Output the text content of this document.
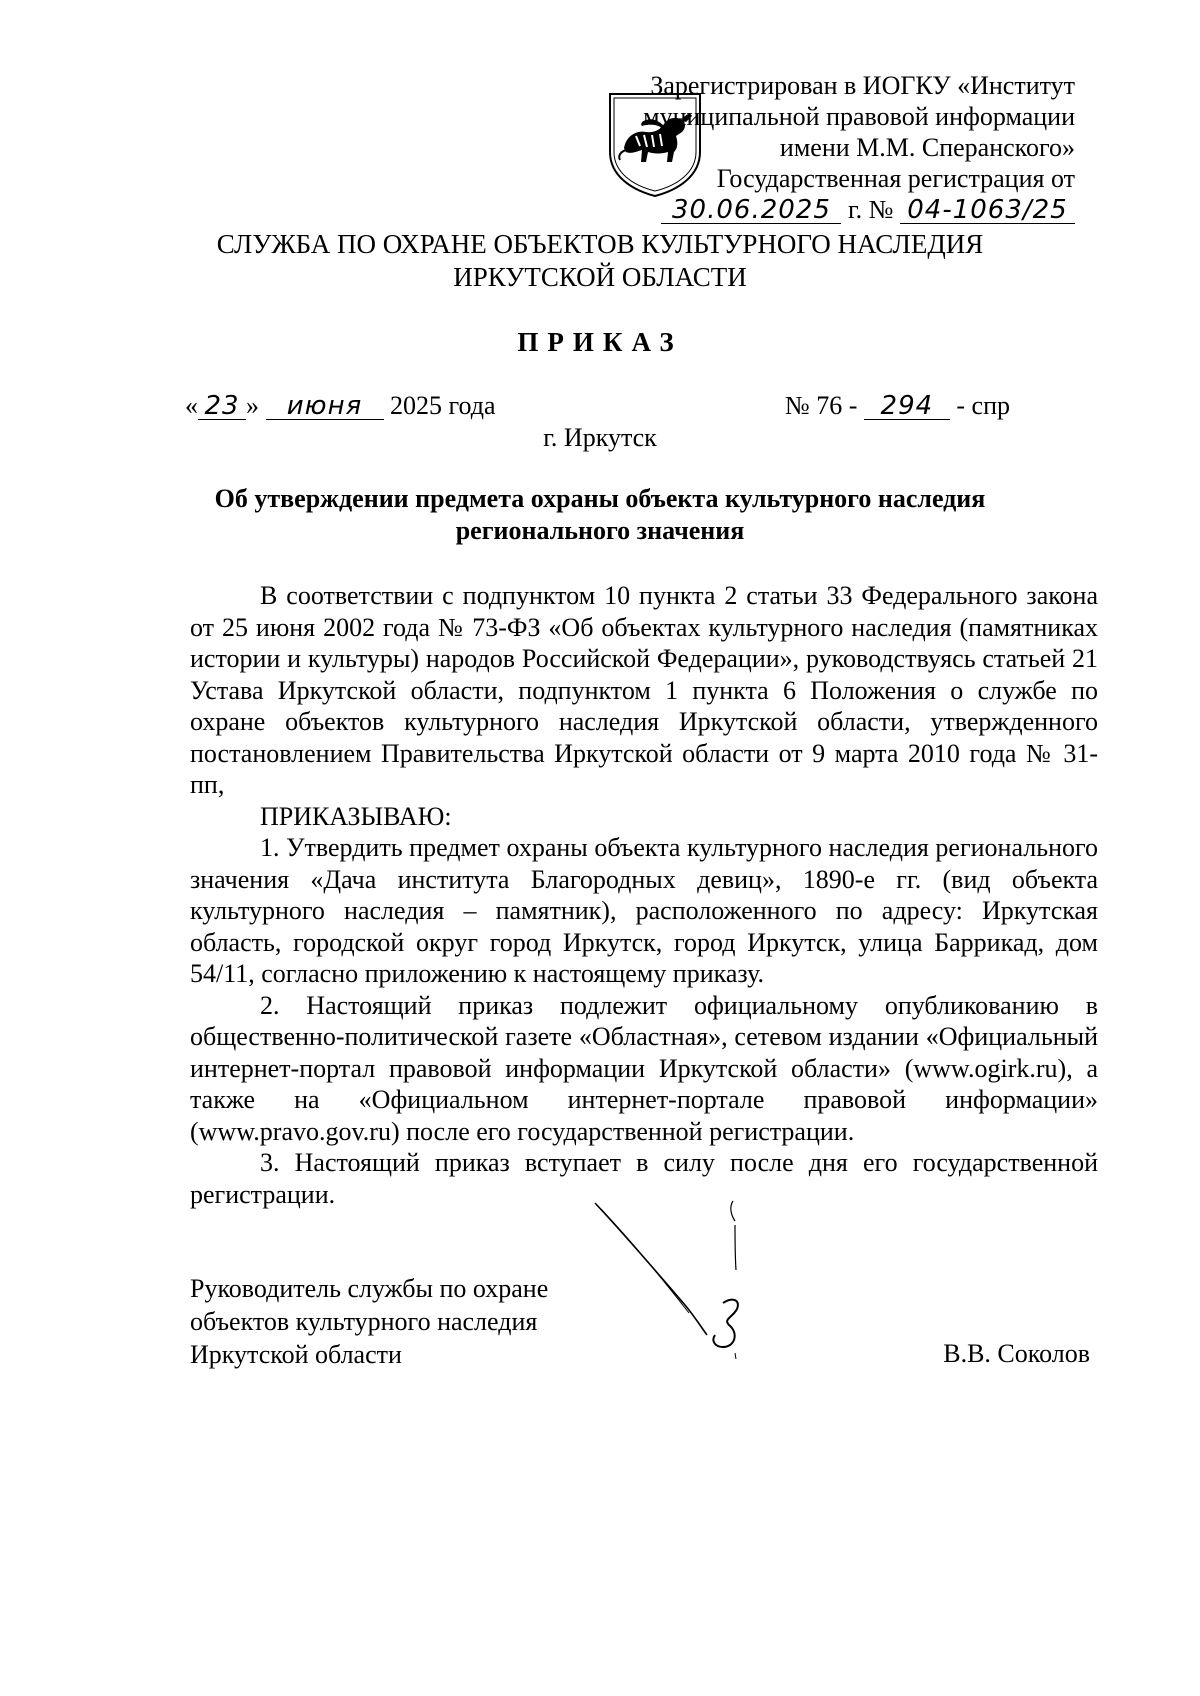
Зарегистрирован в ИОГКУ «Институт
муниципальной правовой информации
имени М.М. Сперанского»
Государственная регистрация от
30.06.2025 г. № 04-1063/25
СЛУЖБА ПО ОХРАНЕ ОБЪЕКТОВ КУЛЬТУРНОГО НАСЛЕДИЯ
ИРКУТСКОЙ ОБЛАСТИ
ПРИКАЗ
« 23 » июня 2025 года	№ 76 - 294 - спр
г. Иркутск
Об утверждении предмета охраны объекта культурного наследия
регионального значения

В соответствии с подпунктом 10 пункта 2 статьи 33 Федерального закона от 25 июня 2002 года № 73-ФЗ «Об объектах культурного наследия (памятниках истории и культуры) народов Российской Федерации», руководствуясь статьей 21 Устава Иркутской области, подпунктом 1 пункта 6 Положения о службе по охране объектов культурного наследия Иркутской области, утвержденного постановлением Правительства Иркутской области от 9 марта 2010 года № 31-пп,

ПРИКАЗЫВАЮ:

1. Утвердить предмет охраны объекта культурного наследия регионального значения «Дача института Благородных девиц», 1890-е гг. (вид объекта культурного наследия – памятник), расположенного по адресу: Иркутская область, городской округ город Иркутск, город Иркутск, улица Баррикад, дом 54/11, согласно приложению к настоящему приказу.

2. Настоящий приказ подлежит официальному опубликованию в общественно-политической газете «Областная», сетевом издании «Официальный интернет-портал правовой информации Иркутской области» (www.ogirk.ru), а также на «Официальном интернет-портале правовой информации» (www.pravo.gov.ru) после его государственной регистрации.

3. Настоящий приказ вступает в силу после дня его государственной регистрации.

Руководитель службы по охране
объектов культурного наследия
Иркутской области	В.В. Соколов
